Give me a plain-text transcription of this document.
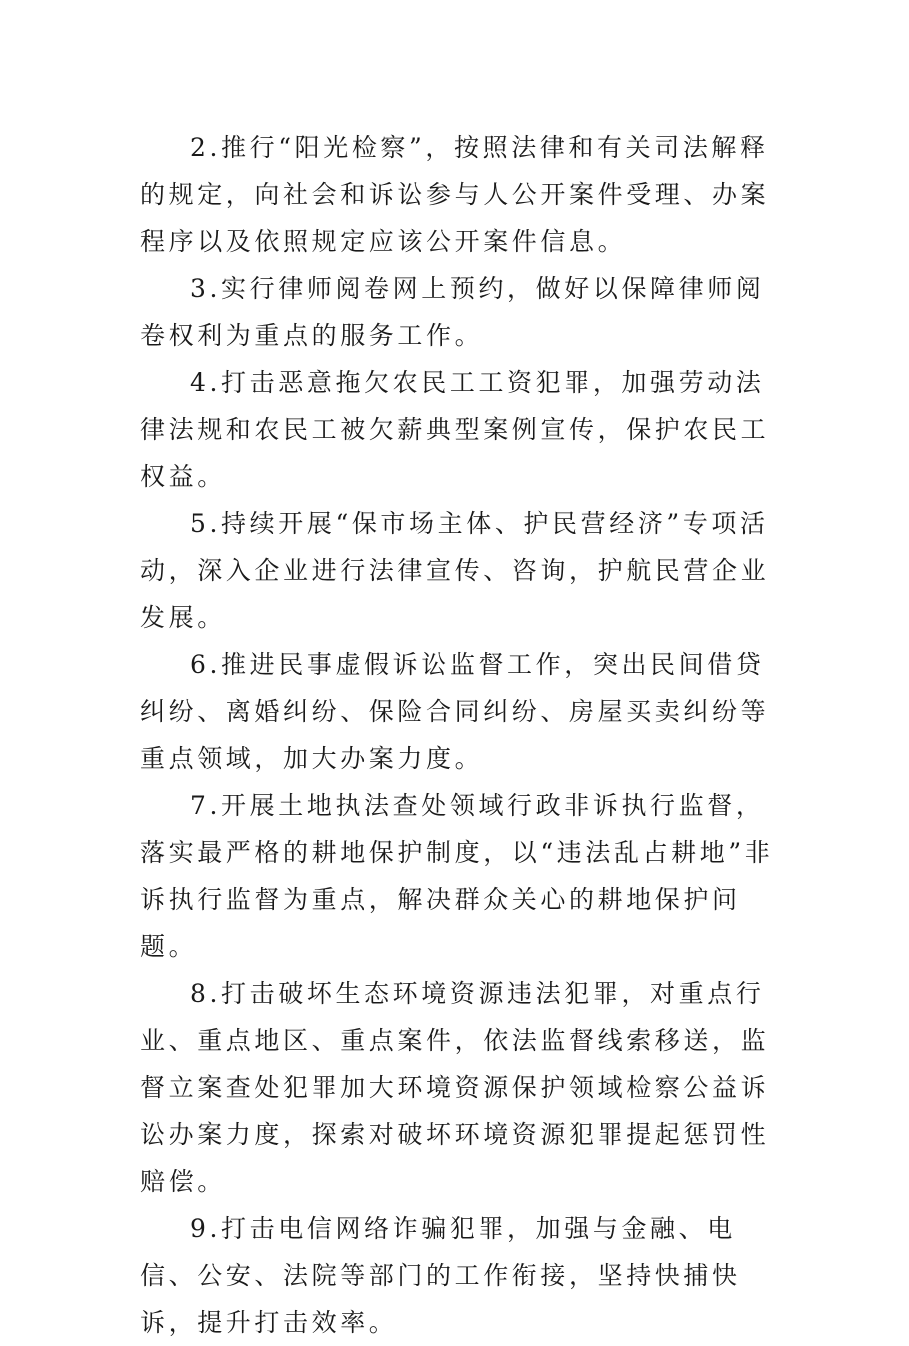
2.推行“阳光检察”，按照法律和有关司法解释的规定，向社会和诉讼参与人公开案件受理、办案程序以及依照规定应该公开案件信息。

3.实行律师阅卷网上预约，做好以保障律师阅卷权利为重点的服务工作。

4.打击恶意拖欠农民工工资犯罪，加强劳动法律法规和农民工被欠薪典型案例宣传，保护农民工权益。

5.持续开展“保市场主体、护民营经济”专项活动，深入企业进行法律宣传、咨询，护航民营企业发展。

6.推进民事虚假诉讼监督工作，突出民间借贷纠纷、离婚纠纷、保险合同纠纷、房屋买卖纠纷等重点领域，加大办案力度。

7.开展土地执法查处领域行政非诉执行监督，落实最严格的耕地保护制度，以“违法乱占耕地”非诉执行监督为重点，解决群众关心的耕地保护问题。

8.打击破坏生态环境资源违法犯罪，对重点行业、重点地区、重点案件，依法监督线索移送，监督立案查处犯罪加大环境资源保护领域检察公益诉讼办案力度，探索对破坏环境资源犯罪提起惩罚性赔偿。

9.打击电信网络诈骗犯罪，加强与金融、电信、公安、法院等部门的工作衔接，坚持快捕快诉，提升打击效率。
